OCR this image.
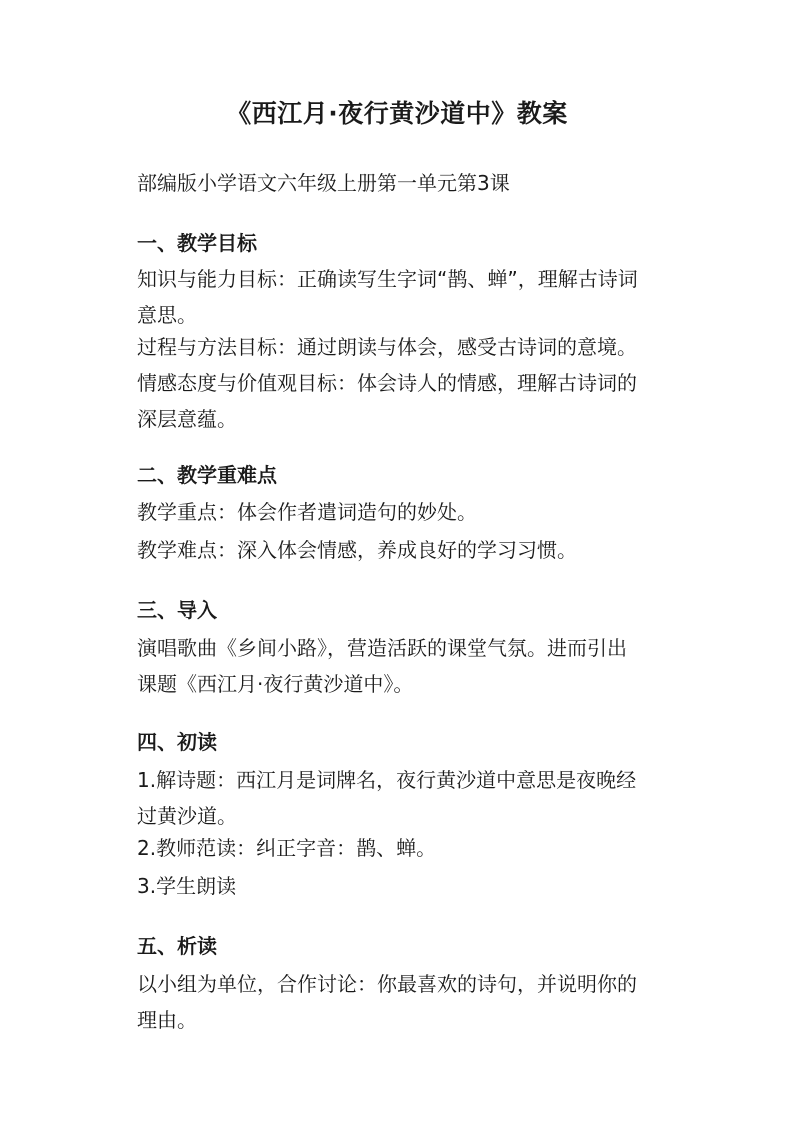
《西江月·夜行黄沙道中》教案
部编版小学语文六年级上册第一单元第3课
一、教学目标
知识与能力目标：正确读写生字词“鹊、蝉”，理解古诗词
意思。
过程与方法目标：通过朗读与体会，感受古诗词的意境。
情感态度与价值观目标：体会诗人的情感，理解古诗词的
深层意蕴。
二、教学重难点
教学重点：体会作者遣词造句的妙处。
教学难点：深入体会情感，养成良好的学习习惯。
三、导入
演唱歌曲《乡间小路》，营造活跃的课堂气氛。进而引出
课题《西江月·夜行黄沙道中》。
四、初读
1.解诗题：西江月是词牌名，夜行黄沙道中意思是夜晚经
过黄沙道。
2.教师范读：纠正字音：鹊、蝉。
3.学生朗读
五、析读
以小组为单位，合作讨论：你最喜欢的诗句，并说明你的
理由。
